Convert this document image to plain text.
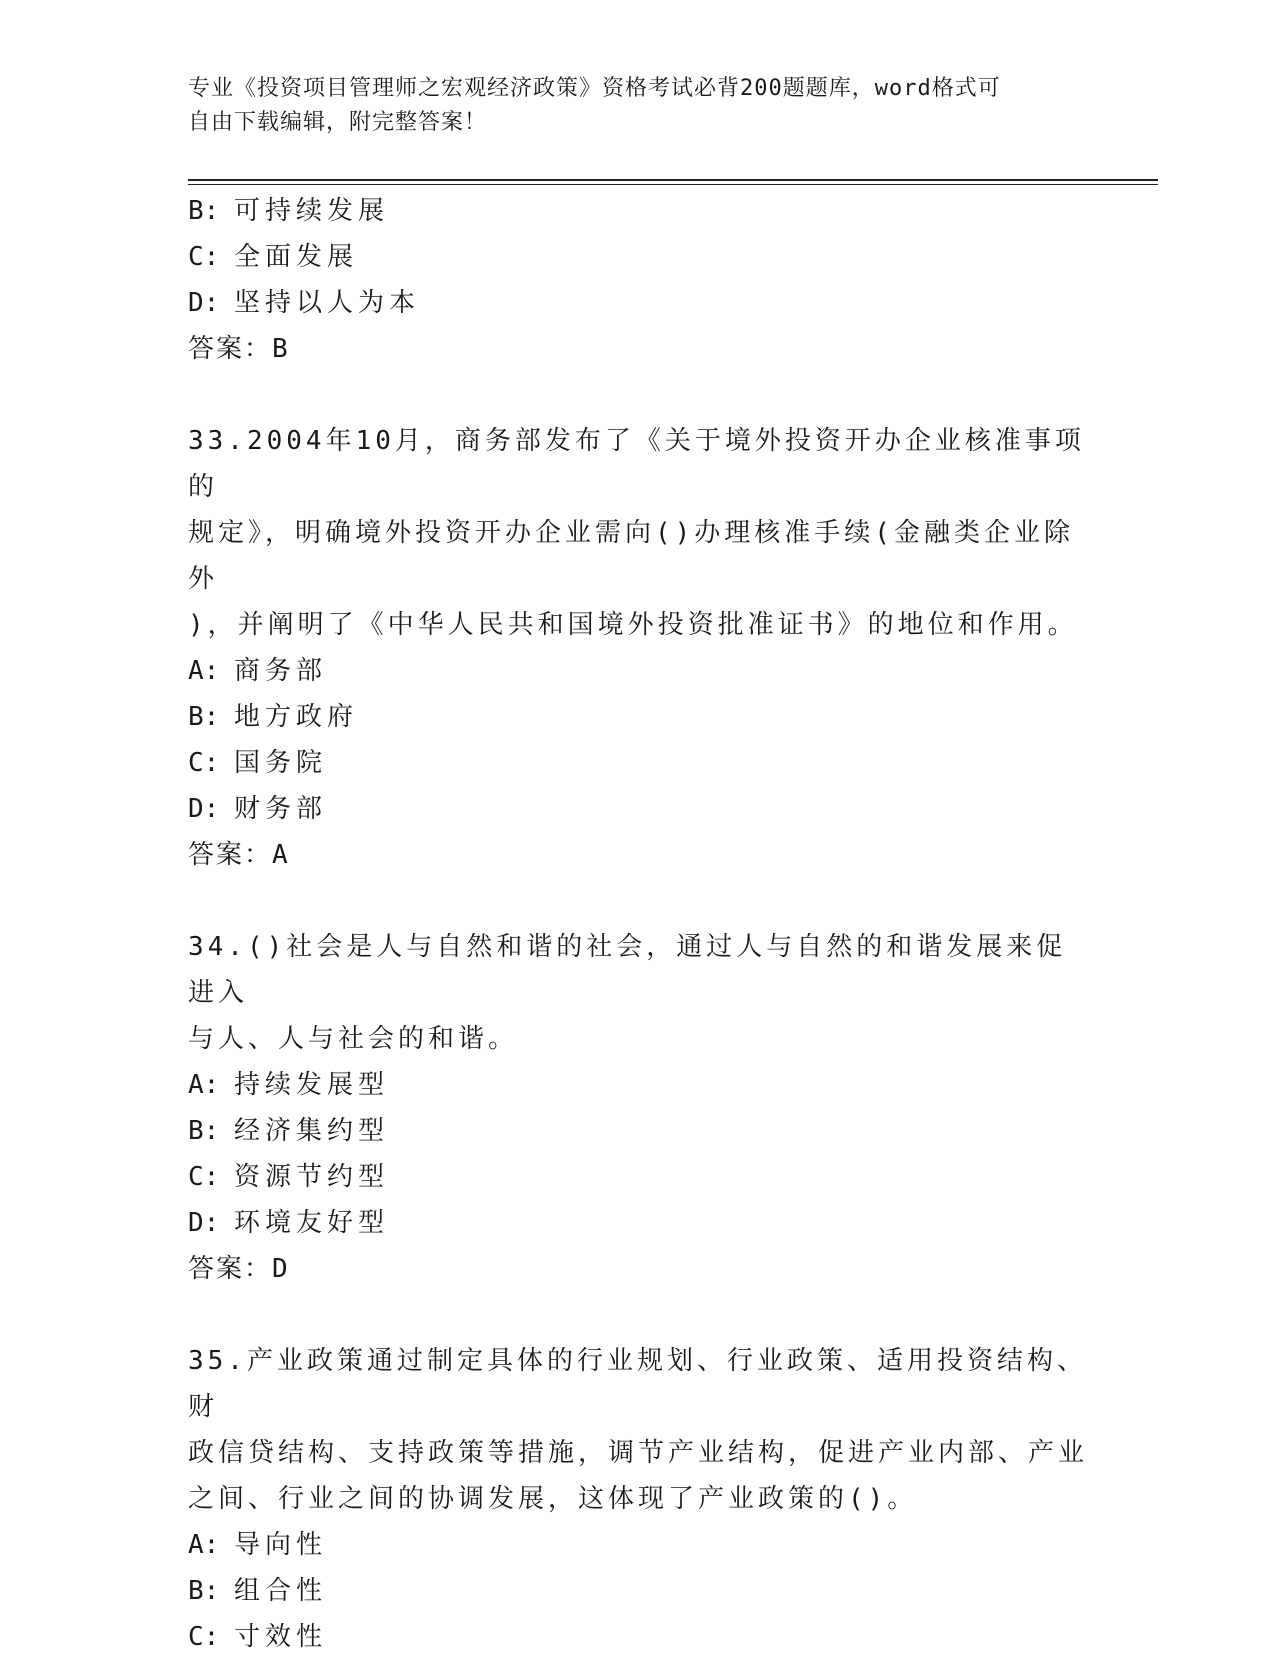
专业《投资项目管理师之宏观经济政策》资格考试必背200题题库，word格式可
自由下载编辑，附完整答案！
B: 可持续发展
C: 全面发展
D: 坚持以人为本
答案：B
33.2004年10月，商务部发布了《关于境外投资开办企业核准事项的
规定》，明确境外投资开办企业需向()办理核准手续(金融类企业除外
)，并阐明了《中华人民共和国境外投资批准证书》的地位和作用。
A: 商务部
B: 地方政府
C: 国务院
D: 财务部
答案：A
34.()社会是人与自然和谐的社会，通过人与自然的和谐发展来促进入
与人、人与社会的和谐。
A: 持续发展型
B: 经济集约型
C: 资源节约型
D: 环境友好型
答案：D
35.产业政策通过制定具体的行业规划、行业政策、适用投资结构、财
政信贷结构、支持政策等措施，调节产业结构，促进产业内部、产业
之间、行业之间的协调发展，这体现了产业政策的()。
A: 导向性
B: 组合性
C: 寸效性
